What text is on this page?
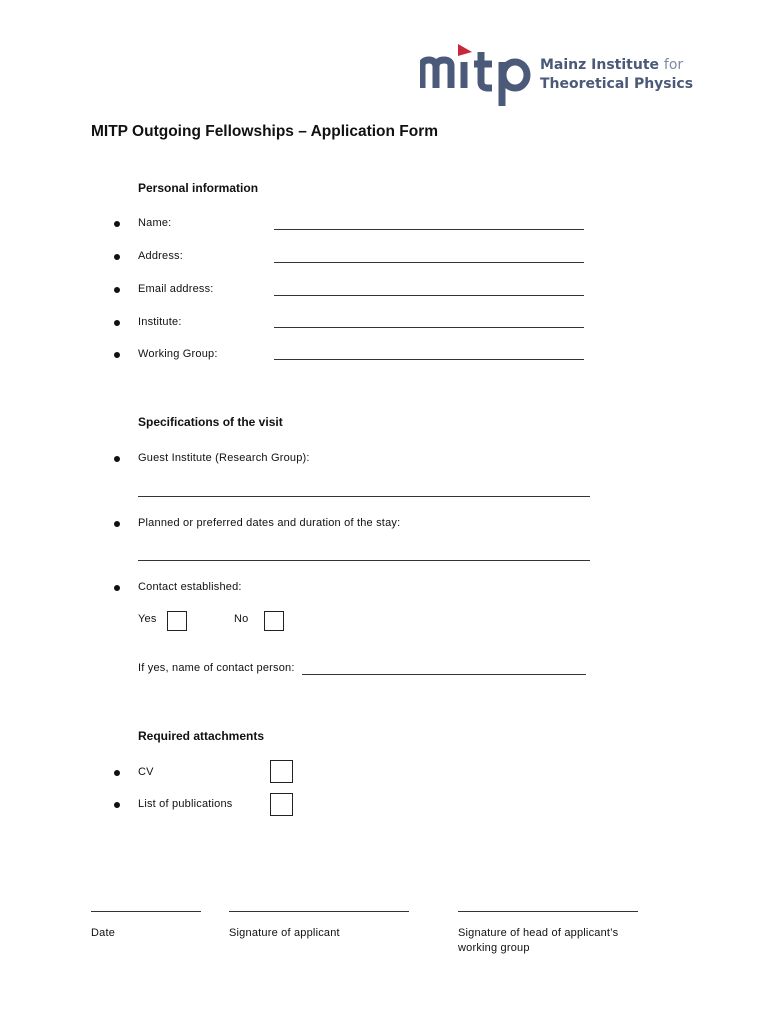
Mainz Institute for
Theoretical Physics
MITP Outgoing Fellowships – Application Form
Personal information
Name:
Address:
Email address:
Institute:
Working Group:
Specifications of the visit
Guest Institute (Research Group):
Planned or preferred dates and duration of the stay:
Contact established:
Yes	No
If yes, name of contact person:
Required attachments
CV
List of publications
Date	Signature of applicant	Signature of head of applicant’s
working group
